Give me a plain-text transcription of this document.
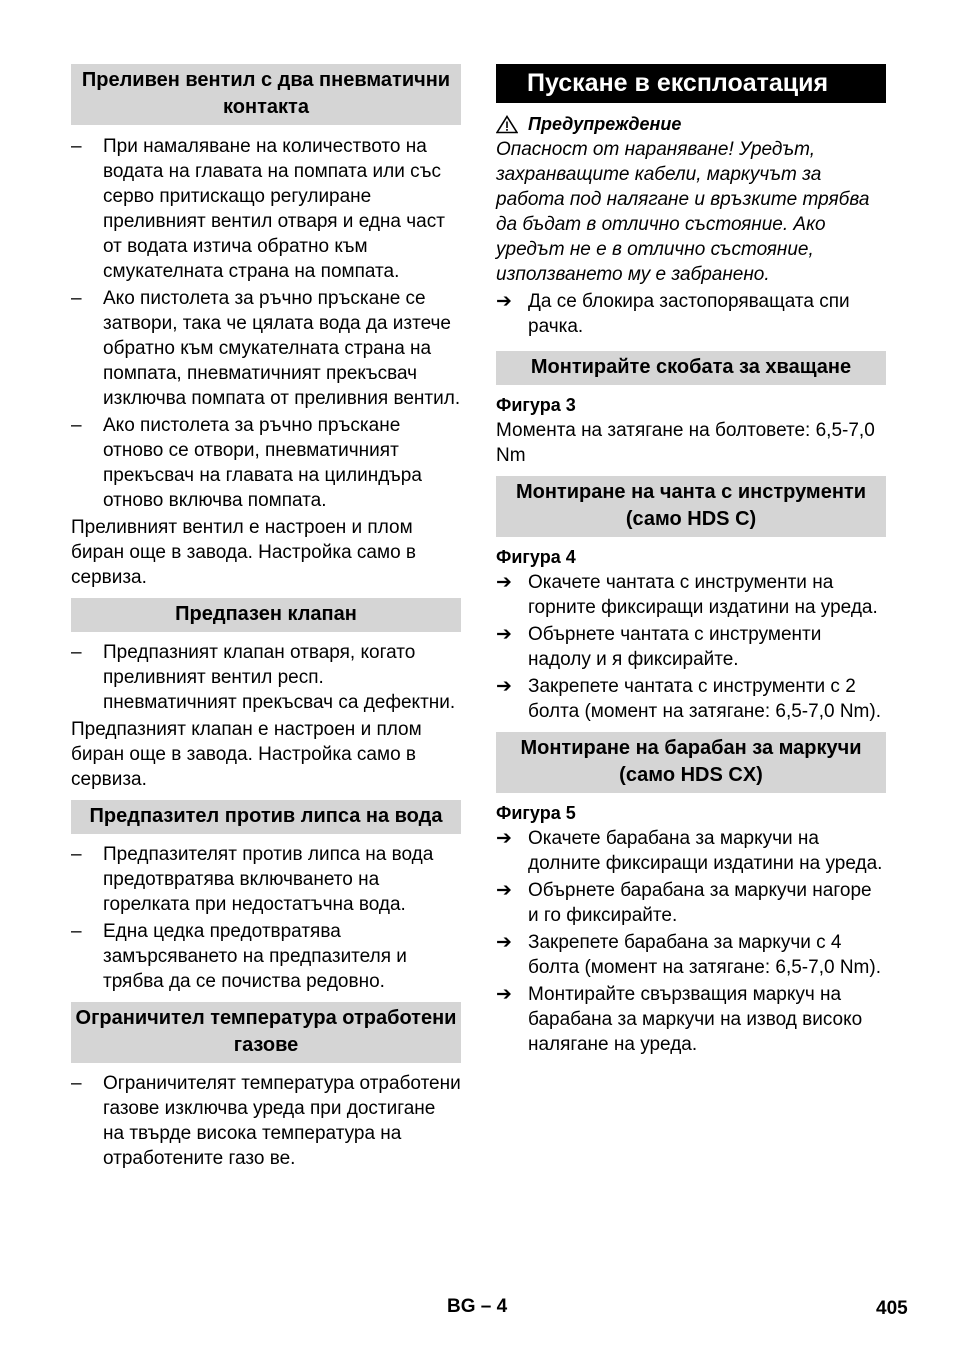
Преливен вентил с два пневматични контакта
–	При намаляване на количеството на водата на главата на помпата или със серво притискащо регулиране преливният вентил отваря и една част от водата изтича обратно към смукателната страна на помпата.
–	Ако пистолета за ръчно пръскане се затвори, така че цялата вода да изтече обратно към смукателната страна на помпата, пневматичният прекъсвач изключва помпата от преливния вентил.
–	Ако пистолета за ръчно пръскане отново се отвори, пневматичният прекъсвач на главата на цилиндъра отново включва помпата.
Преливният вентил е настроен и плом биран още в завода. Настройка само в сервиза.
Предпазен клапан
–	Предпазният клапан отваря, когато преливният вентил респ. пневматичният прекъсвач са дефектни.
Предпазният клапан е настроен и плом биран още в завода. Настройка само в сервиза.
Предпазител против липса на вода
–	Предпазителят против липса на вода предотвратява включването на горелката при недостатъчна вода.
–	Една цедка предотвратява замърсяването на предпазителя и трябва да се почиства редовно.
Ограничител температура отработени газове
–	Ограничителят температура отработени газове изключва уреда при достигане на твърде висока температура на отработените газо ве.
Пускане в експлоатация
Предупреждение
Опасност от нараняване! Уредът, захранващите кабели, маркучът за работа под налягане и връзките трябва да бъдат в отлично състояние. Ако уредът не е в отлично състояние, използването му е забранено.
➔ Да се блокира застопоряващата спи рачка.
Монтирайте скобата за хващане
Фигура 3
Момента на затягане на болтовете: 6,5-7,0 Nm
Монтиране на чанта с инструменти (само HDS C)
Фигура 4
➔ Окачете чантата с инструменти на горните фиксиращи издатини на уреда.
➔ Обърнете чантата с инструменти надолу и я фиксирайте.
➔ Закрепете чантата с инструменти с 2 болта (момент на затягане: 6,5-7,0 Nm).
Монтиране на барабан за маркучи (само HDS CX)
Фигура 5
➔ Окачете барабана за маркучи на долните фиксиращи издатини на уреда.
➔ Обърнете барабана за маркучи нагоре и го фиксирайте.
➔ Закрепете барабана за маркучи с 4 болта (момент на затягане: 6,5-7,0 Nm).
➔ Монтирайте свързващия маркуч на барабана за маркучи на извод високо налягане на уреда.
BG – 4	405
